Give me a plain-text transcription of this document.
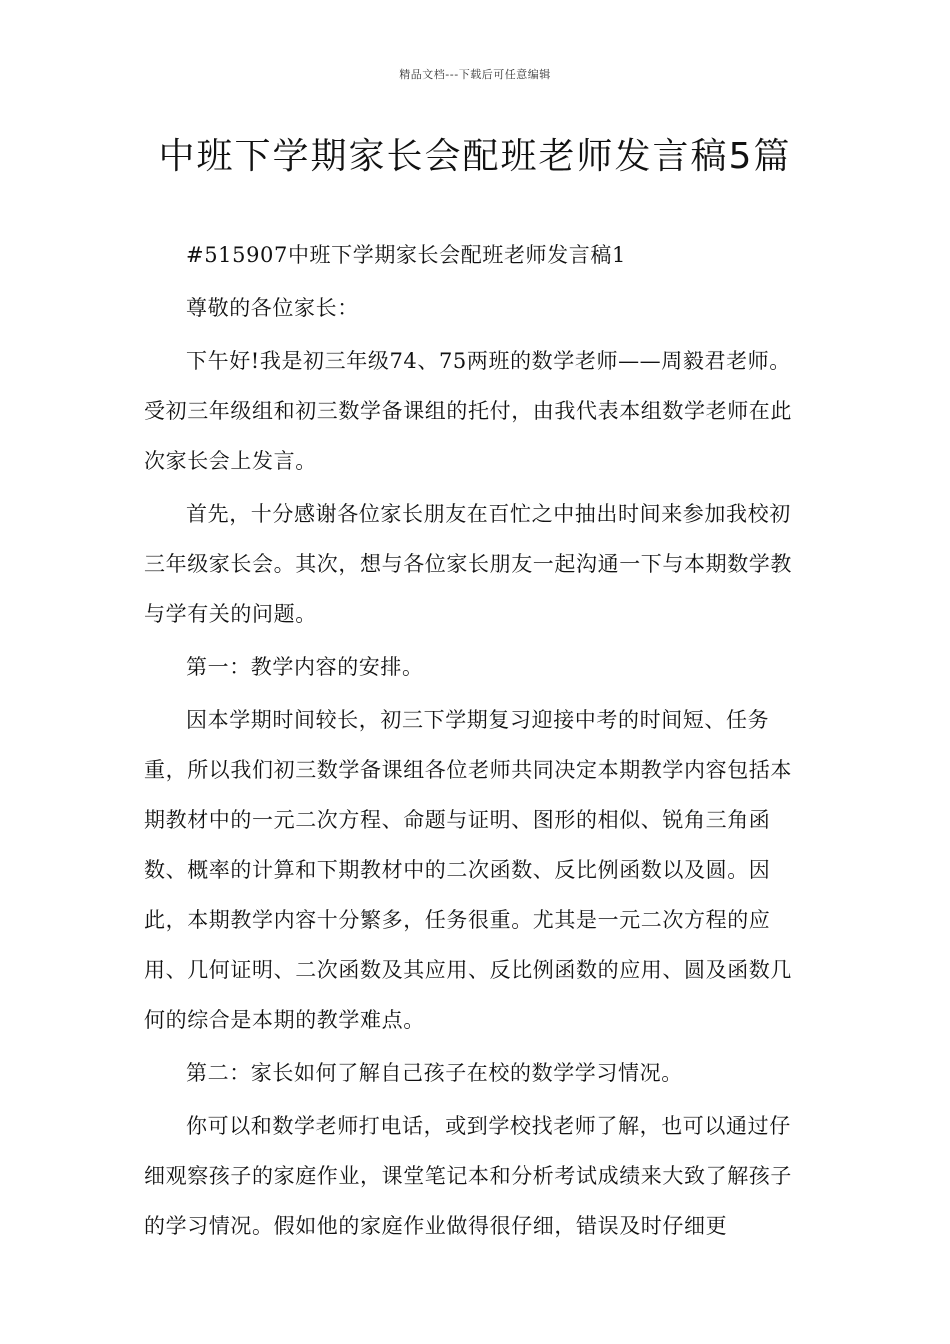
精品文档---下载后可任意编辑
中班下学期家长会配班老师发言稿5篇

#515907中班下学期家长会配班老师发言稿1

尊敬的各位家长：

下午好!我是初三年级74、75两班的数学老师——周毅君老师。受初三年级组和初三数学备课组的托付，由我代表本组数学老师在此次家长会上发言。

首先，十分感谢各位家长朋友在百忙之中抽出时间来参加我校初三年级家长会。其次，想与各位家长朋友一起沟通一下与本期数学教与学有关的问题。

第一：教学内容的安排。

因本学期时间较长，初三下学期复习迎接中考的时间短、任务重，所以我们初三数学备课组各位老师共同决定本期教学内容包括本期教材中的一元二次方程、命题与证明、图形的相似、锐角三角函数、概率的计算和下期教材中的二次函数、反比例函数以及圆。因此，本期教学内容十分繁多，任务很重。尤其是一元二次方程的应用、几何证明、二次函数及其应用、反比例函数的应用、圆及函数几何的综合是本期的教学难点。

第二：家长如何了解自己孩子在校的数学学习情况。

你可以和数学老师打电话，或到学校找老师了解，也可以通过仔细观察孩子的家庭作业，课堂笔记本和分析考试成绩来大致了解孩子的学习情况。假如他的家庭作业做得很仔细，错误及时仔细更
